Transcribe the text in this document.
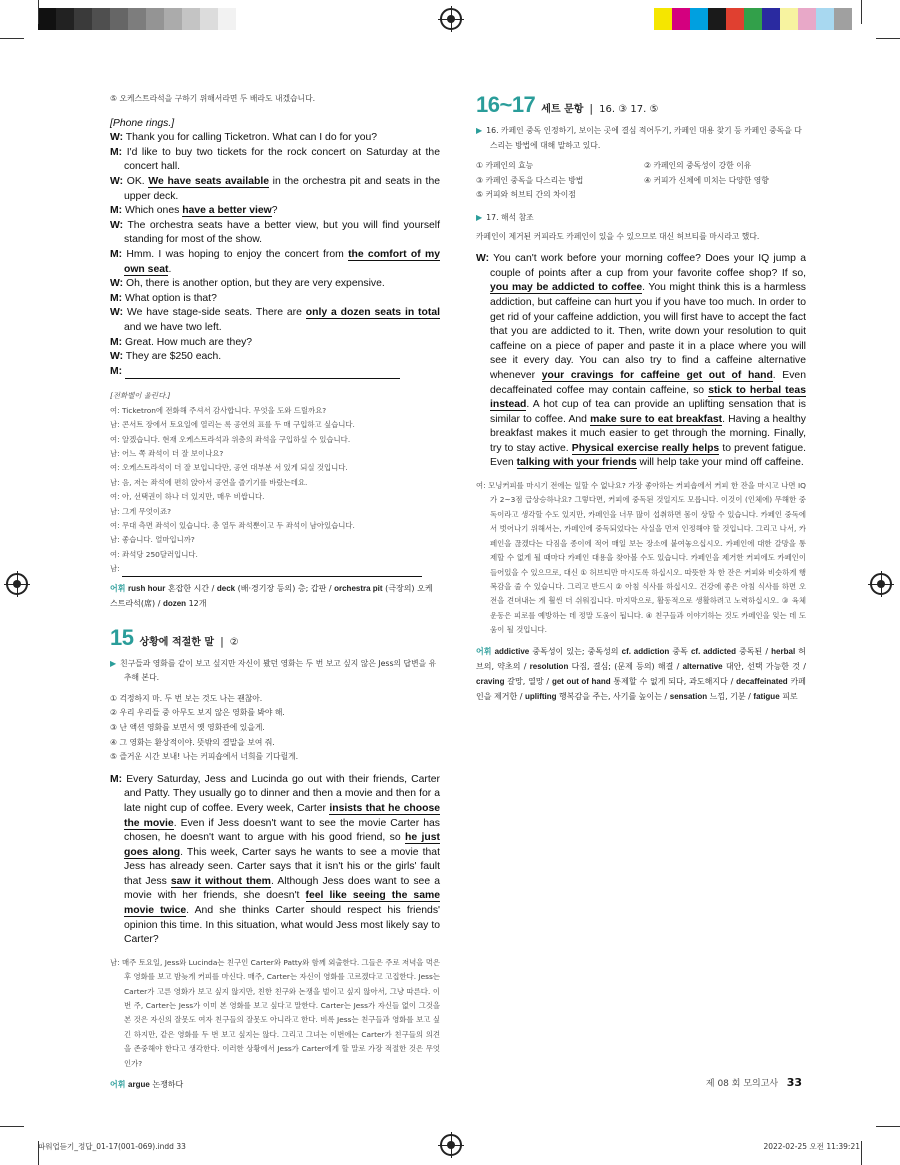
⑤ 오케스트라석을 구하기 위해서라면 두 배라도 내겠습니다.
[Phone rings.]
W: Thank you for calling Ticketron. What can I do for you?
M: I'd like to buy two tickets for the rock concert on Saturday at the concert hall.
W: OK. We have seats available in the orchestra pit and seats in the upper deck.
M: Which ones have a better view?
W: The orchestra seats have a better view, but you will find yourself standing for most of the show.
M: Hmm. I was hoping to enjoy the concert from the comfort of my own seat.
W: Oh, there is another option, but they are very expensive.
M: What option is that?
W: We have stage-side seats. There are only a dozen seats in total and we have two left.
M: Great. How much are they?
W: They are $250 each.
M:
[전화벨이 울린다.]
여: Ticketron에 전화해 주셔서 감사합니다. 무엇을 도와 드릴까요?
남: 콘서트 장에서 토요일에 열리는 록 공연의 표를 두 매 구입하고 싶습니다.
여: 알겠습니다. 현재 오케스트라석과 위층의 좌석을 구입하실 수 있습니다.
남: 어느 쪽 좌석이 더 잘 보이나요?
여: 오케스트라석이 더 잘 보입니다만, 공연 대부분 서 있게 되실 것입니다.
남: 음, 저는 좌석에 편히 앉아서 공연을 즐기기를 바랐는데요.
여: 아, 선택권이 하나 더 있지만, 매우 비쌉니다.
남: 그게 무엇이죠?
여: 무대 측면 좌석이 있습니다. 총 열두 좌석뿐이고 두 좌석이 남아있습니다.
남: 좋습니다. 얼마입니까?
여: 좌석당 250달러입니다.
남:
어휘 rush hour 혼잡한 시간 / deck (배·경기장 등의) 층; 갑판 / orchestra pit (극장의) 오케스트라석(席) / dozen 12개
15 상황에 적절한 말 | ②
▶ 친구들과 영화를 같이 보고 싶지만 자신이 봤던 영화는 두 번 보고 싶지 않은 Jess의 답변을 유추해 본다.
① 걱정하지 마. 두 번 보는 것도 나는 괜찮아.
② 우리 우리들 중 아무도 보지 않은 영화를 봐야 해.
③ 난 액션 영화를 보면서 옛 영화관에 있을게.
④ 그 영화는 환상적이야. 뜻밖의 결말을 보여 줘.
⑤ 즐거운 시간 보내! 나는 커피숍에서 너희를 기다릴게.
M: Every Saturday, Jess and Lucinda go out with their friends, Carter and Patty. They usually go to dinner and then a movie and then for a late night cup of coffee. Every week, Carter insists that he choose the movie. Even if Jess doesn't want to see the movie Carter has chosen, he doesn't want to argue with his good friend, so he just goes along. This week, Carter says he wants to see a movie that Jess has already seen. Carter says that it isn't his or the girls' fault that Jess saw it without them. Although Jess does want to see a movie with her friends, she doesn't feel like seeing the same movie twice. And she thinks Carter should respect his friends' opinion this time. In this situation, what would Jess most likely say to Carter?
남: 매주 토요일, Jess와 Lucinda는 친구인 Carter와 Patty와 함께 외출한다. 그들은 주로 저녁을 먹은 후 영화를 보고 밤늦게 커피를 마신다. 매주, Carter는 자신이 영화를 고르겠다고 고집한다. Jess는 Carter가 고른 영화가 보고 싶지 않지만, 친한 친구와 논쟁을 벌이고 싶지 않아서, 그냥 따른다. 이번 주, Carter는 Jess가 이미 본 영화를 보고 싶다고 말한다. Carter는 Jess가 자신들 없이 그것을 본 것은 자신의 잘못도 여자 친구들의 잘못도 아니라고 한다. 비록 Jess는 친구들과 영화를 보고 싶긴 하지만, 같은 영화를 두 번 보고 싶지는 않다. 그리고 그녀는 이번에는 Carter가 친구들의 의견을 존중해야 한다고 생각한다. 이러한 상황에서 Jess가 Carter에게 할 말로 가장 적절한 것은 무엇인가?
어휘 argue 논쟁하다
16~17 세트 문항 | 16. ③ 17. ⑤
▶ 16. 카페인 중독 인정하기, 보이는 곳에 결심 적어두기, 카페인 대용 찾기 등 카페인 중독을 다스리는 방법에 대해 말하고 있다.
① 카페인의 효능	② 카페인의 중독성이 강한 이유
③ 카페인 중독을 다스리는 방법	④ 커피가 신체에 미치는 다양한 영향
⑤ 커피와 허브티 간의 차이점
▶ 17. 해석 참조
카페인이 제거된 커피라도 카페인이 있을 수 있으므로 대신 허브티를 마시라고 했다.
W: You can't work before your morning coffee? Does your IQ jump a couple of points after a cup from your favorite coffee shop? If so, you may be addicted to coffee. You might think this is a harmless addiction, but caffeine can hurt you if you have too much. In order to get rid of your caffeine addiction, you will first have to accept the fact that you are addicted to it. Then, write down your resolution to quit caffeine on a piece of paper and paste it in a place where you will see it every day. You can also try to find a caffeine alternative whenever your cravings for caffeine get out of hand. Even decaffeinated coffee may contain caffeine, so stick to herbal teas instead. A hot cup of tea can provide an uplifting sensation that is similar to coffee. And make sure to eat breakfast. Having a healthy breakfast makes it much easier to get through the morning. Finally, try to stay active. Physical exercise really helps to prevent fatigue. Even talking with your friends will help take your mind off caffeine.
여: 모닝커피를 마시기 전에는 일할 수 없나요? 가장 좋아하는 커피숍에서 커피 한 잔을 마시고 나면 IQ가 2~3점 급상승하나요? 그렇다면, 커피에 중독된 것일지도 모릅니다. 이것이 (인체에) 무해한 중독이라고 생각할 수도 있지만, 카페인을 너무 많이 섭취하면 몸이 상할 수 있습니다. 카페인 중독에서 벗어나기 위해서는, 카페인에 중독되었다는 사실을 먼저 인정해야 할 것입니다. 그리고 나서, 카페인을 끊겠다는 다짐을 종이에 적어 매일 보는 장소에 붙여놓으십시오. 카페인에 대한 갈망을 통제할 수 없게 될 때마다 카페인 대용을 찾아볼 수도 있습니다. 카페인을 제거한 커피에도 카페인이 들어있을 수 있으므로, 대신 ① 허브티만 마시도록 하십시오. 따뜻한 차 한 잔은 커피와 비슷하게 행복감을 줄 수 있습니다. 그리고 반드시 ② 아침 식사를 하십시오. 건강에 좋은 아침 식사를 하면 오전을 견뎌내는 게 훨씬 더 쉬워집니다. 마지막으로, 활동적으로 생활하려고 노력하십시오. ③ 육체 운동은 피로를 예방하는 데 정말 도움이 됩니다. ④ 친구들과 이야기하는 것도 카페인을 잊는 데 도움이 될 것입니다.
어휘 addictive 중독성이 있는; 중독성의 cf. addiction 중독 cf. addicted 중독된 / herbal 허브의, 약초의 / resolution 다짐, 결심; (문제 등의) 해결 / alternative 대안, 선택 가능한 것 / craving 갈망, 열망 / get out of hand 통제할 수 없게 되다, 과도해지다 / decaffeinated 카페인을 제거한 / uplifting 행복감을 주는, 사기를 높이는 / sensation 느낌, 기분 / fatigue 피로
제 08 회 모의고사 33
파워업듣기_정답_01-17(001-069).indd 33	2022-02-25 오전 11:39:21
